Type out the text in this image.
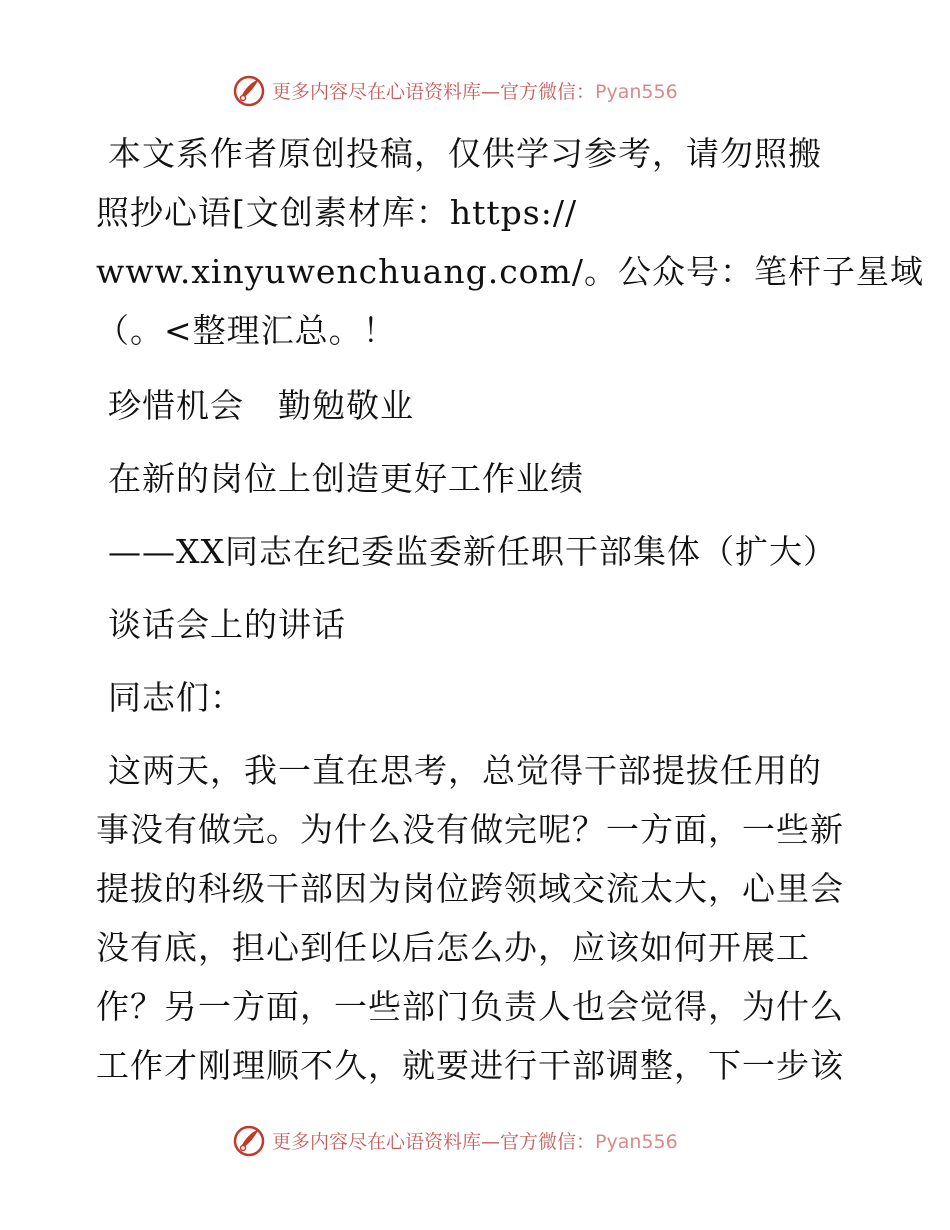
更多内容尽在心语资料库—官方微信：Pyan556
本文系作者原创投稿，仅供学习参考，请勿照搬
照抄心语[文创素材库：https://
www.xinyuwenchuang.com/。公众号：笔杆子星域
（。<整理汇总。！
珍惜机会　勤勉敬业
在新的岗位上创造更好工作业绩
——XX同志在纪委监委新任职干部集体（扩大）
谈话会上的讲话
同志们：
这两天，我一直在思考，总觉得干部提拔任用的
事没有做完。为什么没有做完呢？一方面，一些新
提拔的科级干部因为岗位跨领域交流太大，心里会
没有底，担心到任以后怎么办，应该如何开展工
作？另一方面，一些部门负责人也会觉得，为什么
工作才刚理顺不久，就要进行干部调整，下一步该
更多内容尽在心语资料库—官方微信：Pyan556
